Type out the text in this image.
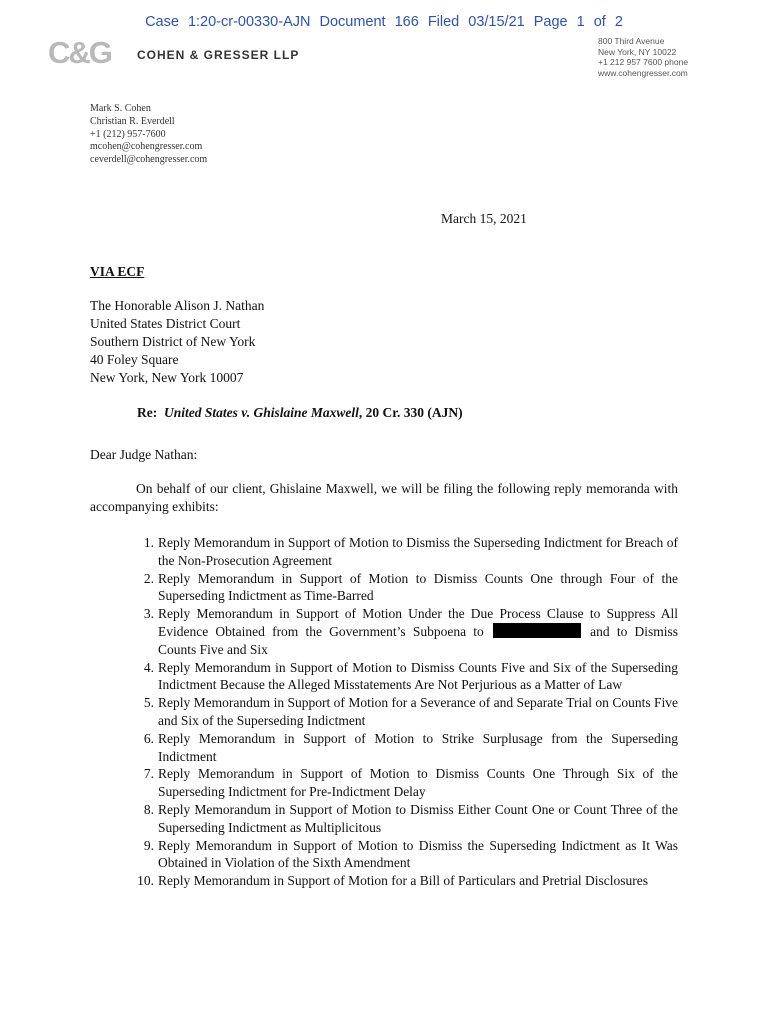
Case 1:20-cr-00330-AJN Document 166 Filed 03/15/21 Page 1 of 2
C&G COHEN & GRESSER LLP
800 Third Avenue
New York, NY 10022
+1 212 957 7600 phone
www.cohengresser.com
Mark S. Cohen
Christian R. Everdell
+1 (212) 957-7600
mcohen@cohengresser.com
ceverdell@cohengresser.com
March 15, 2021
VIA ECF
The Honorable Alison J. Nathan
United States District Court
Southern District of New York
40 Foley Square
New York, New York 10007
Re: United States v. Ghislaine Maxwell, 20 Cr. 330 (AJN)
Dear Judge Nathan:
On behalf of our client, Ghislaine Maxwell, we will be filing the following reply memoranda with accompanying exhibits:
1. Reply Memorandum in Support of Motion to Dismiss the Superseding Indictment for Breach of the Non-Prosecution Agreement
2. Reply Memorandum in Support of Motion to Dismiss Counts One through Four of the Superseding Indictment as Time-Barred
3. Reply Memorandum in Support of Motion Under the Due Process Clause to Suppress All Evidence Obtained from the Government’s Subpoena to	and to Dismiss Counts Five and Six
4. Reply Memorandum in Support of Motion to Dismiss Counts Five and Six of the Superseding Indictment Because the Alleged Misstatements Are Not Perjurious as a Matter of Law
5. Reply Memorandum in Support of Motion for a Severance of and Separate Trial on Counts Five and Six of the Superseding Indictment
6. Reply Memorandum in Support of Motion to Strike Surplusage from the Superseding Indictment
7. Reply Memorandum in Support of Motion to Dismiss Counts One Through Six of the Superseding Indictment for Pre-Indictment Delay
8. Reply Memorandum in Support of Motion to Dismiss Either Count One or Count Three of the Superseding Indictment as Multiplicitous
9. Reply Memorandum in Support of Motion to Dismiss the Superseding Indictment as It Was Obtained in Violation of the Sixth Amendment
10. Reply Memorandum in Support of Motion for a Bill of Particulars and Pretrial Disclosures
